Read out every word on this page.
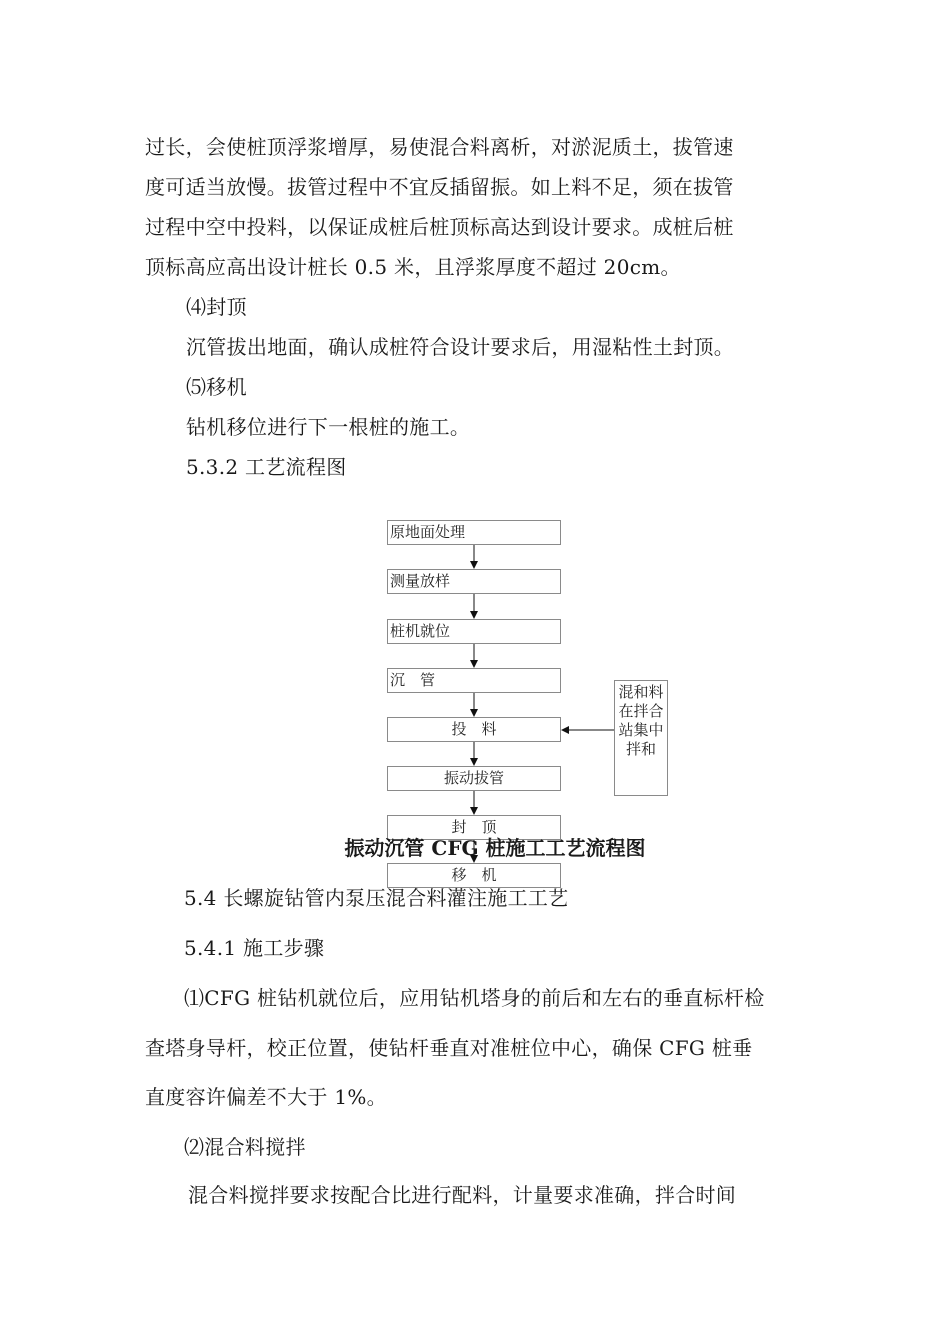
过长，会使桩顶浮浆增厚，易使混合料离析，对淤泥质土，拔管速
度可适当放慢。拔管过程中不宜反插留振。如上料不足，须在拔管
过程中空中投料，以保证成桩后桩顶标高达到设计要求。成桩后桩
顶标高应高出设计桩长 0.5 米，且浮浆厚度不超过 20cm。
⑷封顶
沉管拔出地面，确认成桩符合设计要求后，用湿粘性土封顶。
⑸移机
钻机移位进行下一根桩的施工。
5.3.2 工艺流程图
原地面处理
测量放样
桩机就位
沉　管
投　料
振动拔管
封　顶
移　机
混和料
在拌合
站集中
拌和
振动沉管 CFG 桩施工工艺流程图
5.4 长螺旋钻管内泵压混合料灌注施工工艺
5.4.1 施工步骤
⑴CFG 桩钻机就位后，应用钻机塔身的前后和左右的垂直标杆检
查塔身导杆，校正位置，使钻杆垂直对准桩位中心，确保 CFG 桩垂
直度容许偏差不大于 1%。
⑵混合料搅拌
混合料搅拌要求按配合比进行配料，计量要求准确，拌合时间
